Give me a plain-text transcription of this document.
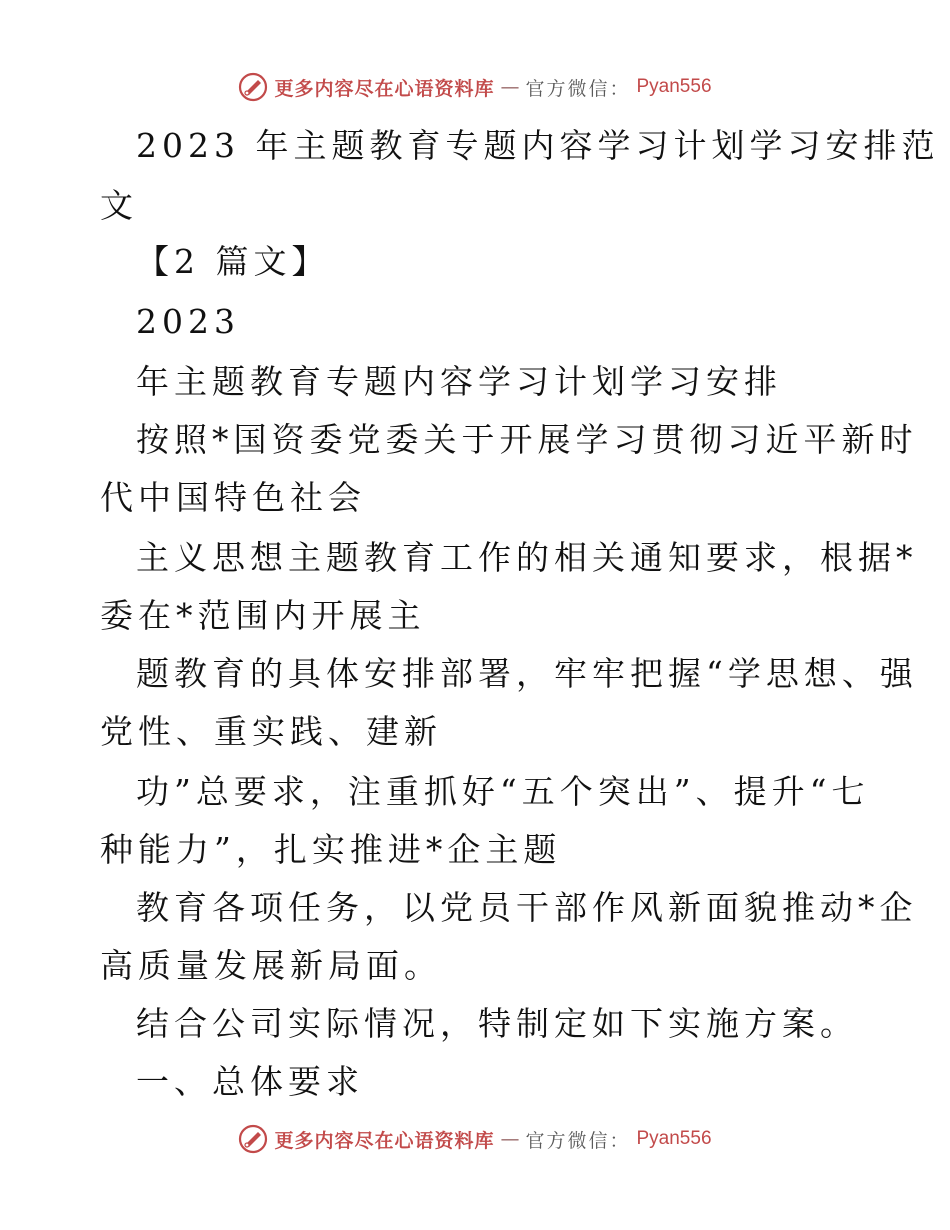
更多内容尽在心语资料库 — 官方微信： Pyan556
2023 年主题教育专题内容学习计划学习安排范
文
【2 篇文】
2023
年主题教育专题内容学习计划学习安排
按照*国资委党委关于开展学习贯彻习近平新时
代中国特色社会
主义思想主题教育工作的相关通知要求，根据*
委在*范围内开展主
题教育的具体安排部署，牢牢把握“学思想、强
党性、重实践、建新
功”总要求，注重抓好“五个突出”、提升“七
种能力”，扎实推进*企主题
教育各项任务，以党员干部作风新面貌推动*企
高质量发展新局面。
结合公司实际情况，特制定如下实施方案。
一、总体要求
更多内容尽在心语资料库 — 官方微信： Pyan556
